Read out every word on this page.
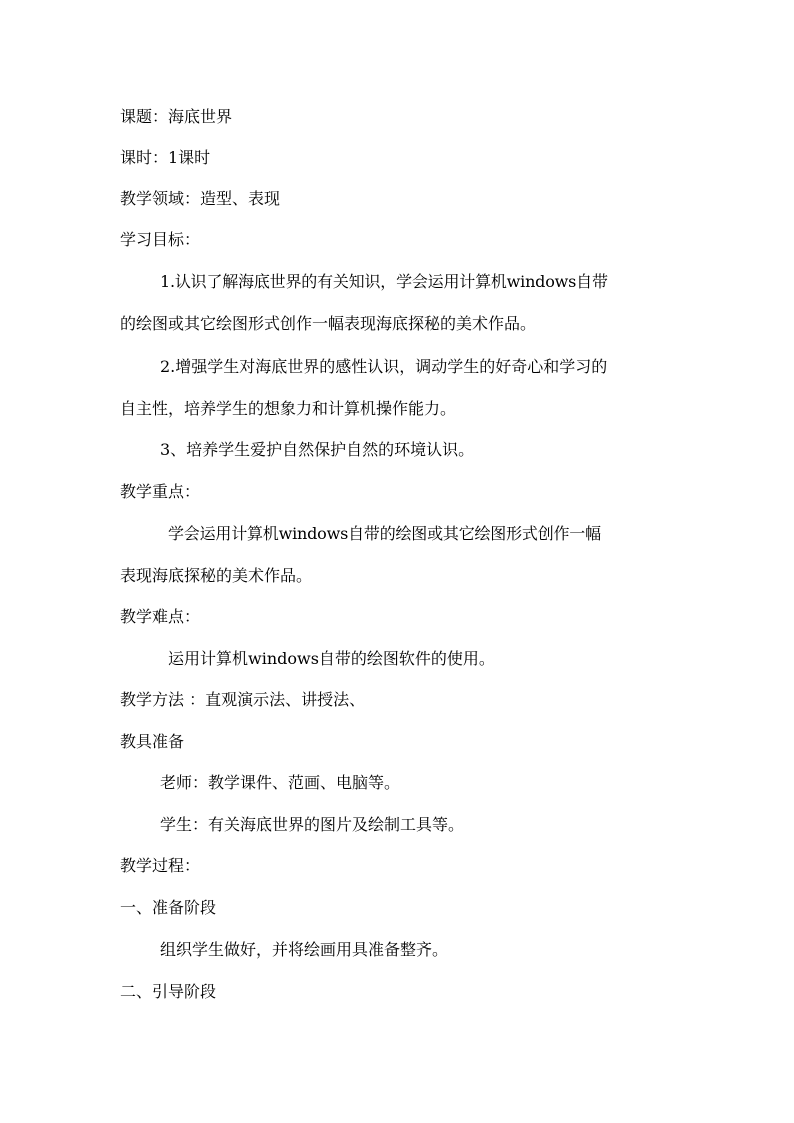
课题：海底世界
课时：1课时
教学领域：造型、表现
学习目标：
1.认识了解海底世界的有关知识，学会运用计算机windows自带
的绘图或其它绘图形式创作一幅表现海底探秘的美术作品。
2.增强学生对海底世界的感性认识，调动学生的好奇心和学习的
自主性，培养学生的想象力和计算机操作能力。
3、培养学生爱护自然保护自然的环境认识。
教学重点：
学会运用计算机windows自带的绘图或其它绘图形式创作一幅
表现海底探秘的美术作品。
教学难点：
运用计算机windows自带的绘图软件的使用。
教学方法 ：直观演示法、讲授法、
教具准备
老师：教学课件、范画、电脑等。
学生：有关海底世界的图片及绘制工具等。
教学过程：
一、准备阶段
组织学生做好，并将绘画用具准备整齐。
二、引导阶段
